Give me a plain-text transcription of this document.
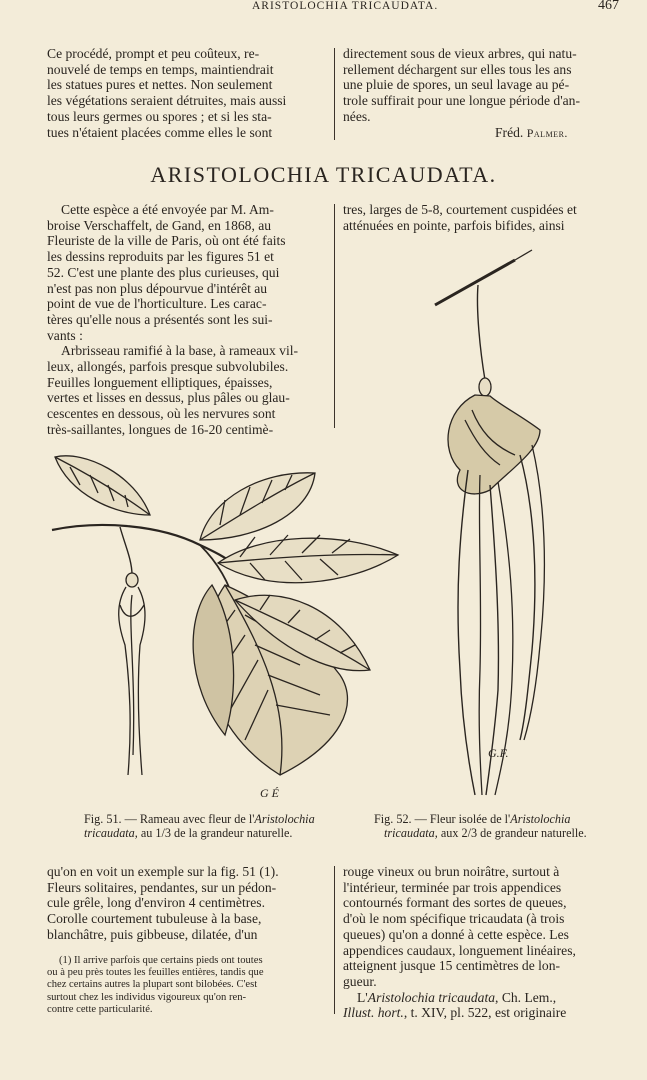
ARISTOLOCHIA TRICAUDATA.	467
Ce procédé, prompt et peu coûteux, re-
nouvelé de temps en temps, maintiendrait
les statues pures et nettes. Non seulement
les végétations seraient détruites, mais aussi
tous leurs germes ou spores ; et si les sta-
tues n'étaient placées comme elles le sont
directement sous de vieux arbres, qui natu-
rellement déchargent sur elles tous les ans
une pluie de spores, un seul lavage au pé-
trole suffirait pour une longue période d'an-
nées.
Fréd. Palmer.
ARISTOLOCHIA TRICAUDATA.
Cette espèce a été envoyée par M. Am-
broise Verschaffelt, de Gand, en 1868, au
Fleuriste de la ville de Paris, où ont été faits
les dessins reproduits par les figures 51 et
52. C'est une plante des plus curieuses, qui
n'est pas non plus dépourvue d'intérêt au
point de vue de l'horticulture. Les carac-
tères qu'elle nous a présentés sont les sui-
vants :
Arbrisseau ramifié à la base, à rameaux vil-
leux, allongés, parfois presque subvolubiles.
Feuilles longuement elliptiques, épaisses,
vertes et lisses en dessus, plus pâles ou glau-
cescentes en dessous, où les nervures sont
très-saillantes, longues de 16-20 centimè-
tres, larges de 5-8, courtement cuspidées et
atténuées en pointe, parfois bifides, ainsi
G É
G.F.
Fig. 51. — Rameau avec fleur de l'Aristolochia
tricaudata, au 1/3 de la grandeur naturelle.
Fig. 52. — Fleur isolée de l'Aristolochia
tricaudata, aux 2/3 de grandeur naturelle.
qu'on en voit un exemple sur la fig. 51 (1).
Fleurs solitaires, pendantes, sur un pédon-
cule grêle, long d'environ 4 centimètres.
Corolle courtement tubuleuse à la base,
blanchâtre, puis gibbeuse, dilatée, d'un
(1) Il arrive parfois que certains pieds ont toutes
ou à peu près toutes les feuilles entières, tandis que
chez certains autres la plupart sont bilobées. C'est
surtout chez les individus vigoureux qu'on ren-
contre cette particularité.
rouge vineux ou brun noirâtre, surtout à
l'intérieur, terminée par trois appendices
contournés formant des sortes de queues,
d'où le nom spécifique tricaudata (à trois
queues) qu'on a donné à cette espèce. Les
appendices caudaux, longuement linéaires,
atteignent jusque 15 centimètres de lon-
gueur.
L'Aristolochia tricaudata, Ch. Lem.,
Illust. hort., t. XIV, pl. 522, est originaire
